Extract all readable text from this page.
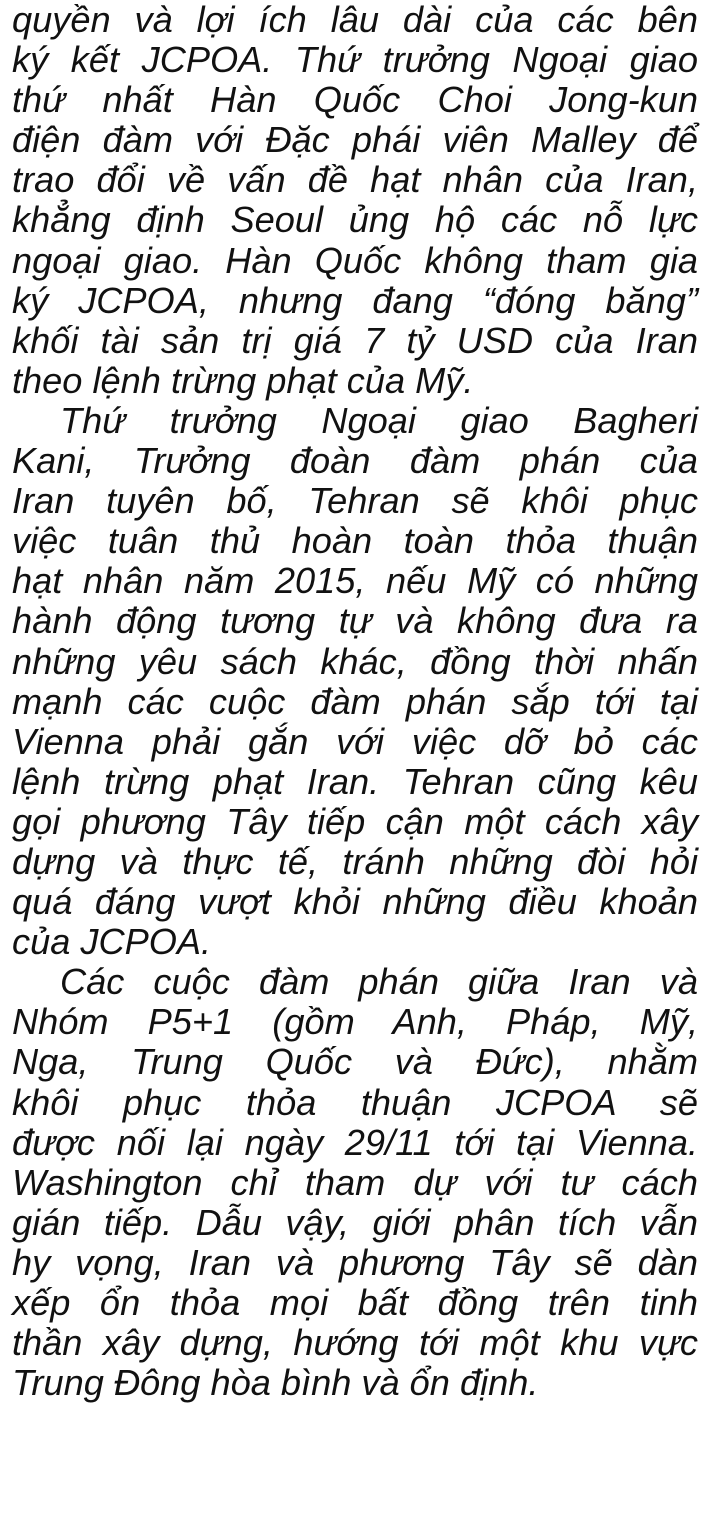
quyền và lợi ích lâu dài của các bên
ký kết JCPOA. Thứ trưởng Ngoại giao
thứ nhất Hàn Quốc Choi Jong-kun
điện đàm với Đặc phái viên Malley để
trao đổi về vấn đề hạt nhân của Iran,
khẳng định Seoul ủng hộ các nỗ lực
ngoại giao. Hàn Quốc không tham gia
ký JCPOA, nhưng đang “đóng băng”
khối tài sản trị giá 7 tỷ USD của Iran
theo lệnh trừng phạt của Mỹ.
Thứ trưởng Ngoại giao Bagheri
Kani, Trưởng đoàn đàm phán của
Iran tuyên bố, Tehran sẽ khôi phục
việc tuân thủ hoàn toàn thỏa thuận
hạt nhân năm 2015, nếu Mỹ có những
hành động tương tự và không đưa ra
những yêu sách khác, đồng thời nhấn
mạnh các cuộc đàm phán sắp tới tại
Vienna phải gắn với việc dỡ bỏ các
lệnh trừng phạt Iran. Tehran cũng kêu
gọi phương Tây tiếp cận một cách xây
dựng và thực tế, tránh những đòi hỏi
quá đáng vượt khỏi những điều khoản
của JCPOA.
Các cuộc đàm phán giữa Iran và
Nhóm P5+1 (gồm Anh, Pháp, Mỹ,
Nga, Trung Quốc và Đức), nhằm
khôi phục thỏa thuận JCPOA sẽ
được nối lại ngày 29/11 tới tại Vienna.
Washington chỉ tham dự với tư cách
gián tiếp. Dẫu vậy, giới phân tích vẫn
hy vọng, Iran và phương Tây sẽ dàn
xếp ổn thỏa mọi bất đồng trên tinh
thần xây dựng, hướng tới một khu vực
Trung Đông hòa bình và ổn định.
